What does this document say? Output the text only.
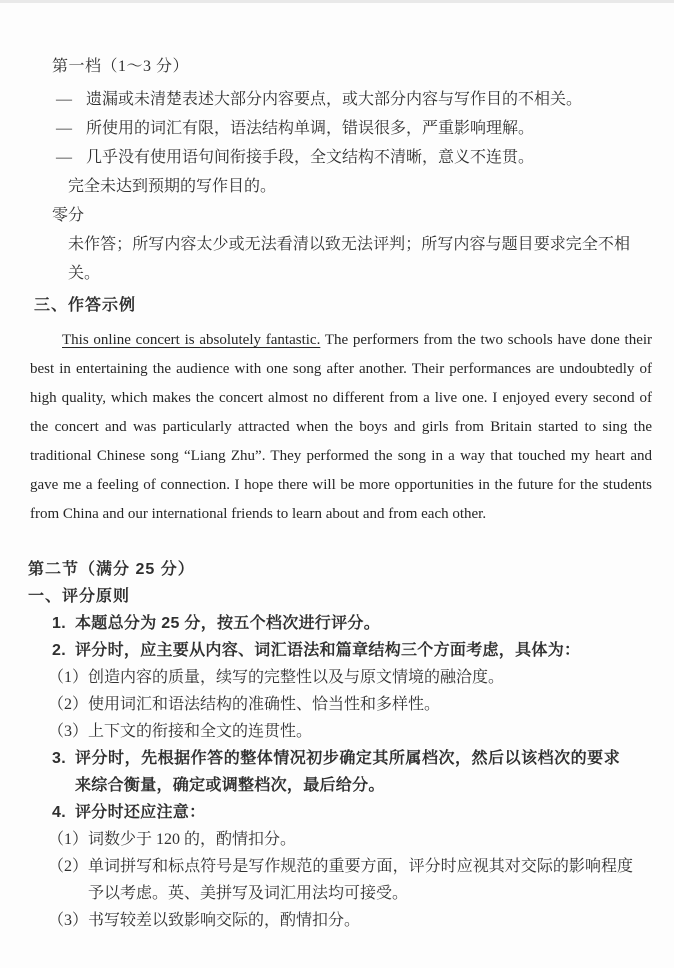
第一档（1～3 分）
— 遗漏或未清楚表述大部分内容要点，或大部分内容与写作目的不相关。
— 所使用的词汇有限，语法结构单调，错误很多，严重影响理解。
— 几乎没有使用语句间衔接手段，全文结构不清晰，意义不连贯。
完全未达到预期的写作目的。
零分

未作答；所写内容太少或无法看清以致无法评判；所写内容与题目要求完全不相关。

三、作答示例

This online concert is absolutely fantastic. The performers from the two schools have done their best in entertaining the audience with one song after another. Their performances are undoubtedly of high quality, which makes the concert almost no different from a live one. I enjoyed every second of the concert and was particularly attracted when the boys and girls from Britain started to sing the traditional Chinese song “Liang Zhu”. They performed the song in a way that touched my heart and gave me a feeling of connection. I hope there will be more opportunities in the future for the students from China and our international friends to learn about and from each other.

第二节（满分 25 分）
一、评分原则
1. 本题总分为 25 分，按五个档次进行评分。
2. 评分时，应主要从内容、词汇语法和篇章结构三个方面考虑，具体为：
（1） 创造内容的质量，续写的完整性以及与原文情境的融洽度。
（2） 使用词汇和语法结构的准确性、恰当性和多样性。
（3） 上下文的衔接和全文的连贯性。
3. 评分时，先根据作答的整体情况初步确定其所属档次，然后以该档次的要求来综合衡量，确定或调整档次，最后给分。
4. 评分时还应注意：
（1） 词数少于 120 的，酌情扣分。
（2） 单词拼写和标点符号是写作规范的重要方面，评分时应视其对交际的影响程度予以考虑。英、美拼写及词汇用法均可接受。
（3） 书写较差以致影响交际的，酌情扣分。
